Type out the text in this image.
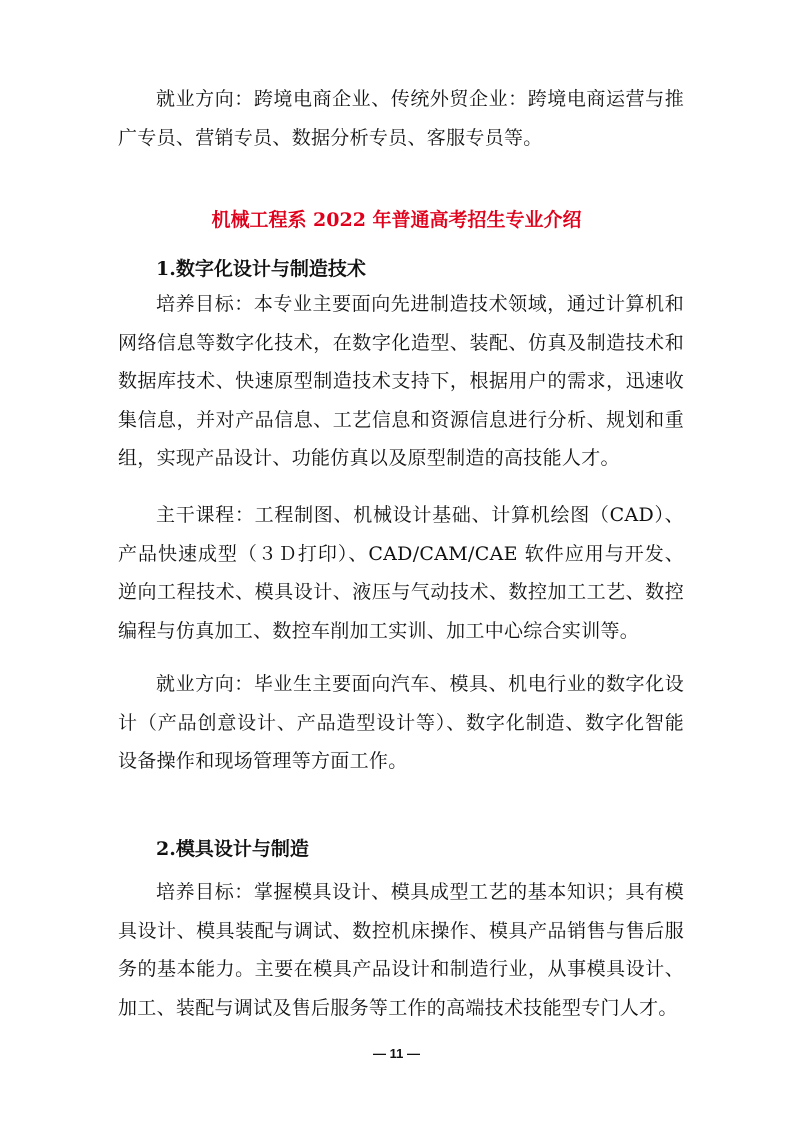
就业方向：跨境电商企业、传统外贸企业：跨境电商运营与推广专员、营销专员、数据分析专员、客服专员等。

机械工程系 2022 年普通高考招生专业介绍

1.数字化设计与制造技术

培养目标：本专业主要面向先进制造技术领域，通过计算机和网络信息等数字化技术，在数字化造型、装配、仿真及制造技术和数据库技术、快速原型制造技术支持下，根据用户的需求，迅速收集信息，并对产品信息、工艺信息和资源信息进行分析、规划和重组，实现产品设计、功能仿真以及原型制造的高技能人才。

主干课程：工程制图、机械设计基础、计算机绘图（CAD）、产品快速成型（３Ｄ打印）、CAD/CAM/CAE 软件应用与开发、逆向工程技术、模具设计、液压与气动技术、数控加工工艺、数控编程与仿真加工、数控车削加工实训、加工中心综合实训等。

就业方向：毕业生主要面向汽车、模具、机电行业的数字化设计（产品创意设计、产品造型设计等）、数字化制造、数字化智能设备操作和现场管理等方面工作。

2.模具设计与制造

培养目标：掌握模具设计、模具成型工艺的基本知识；具有模具设计、模具装配与调试、数控机床操作、模具产品销售与售后服务的基本能力。主要在模具产品设计和制造行业，从事模具设计、加工、装配与调试及售后服务等工作的高端技术技能型专门人才。

— 11 —
